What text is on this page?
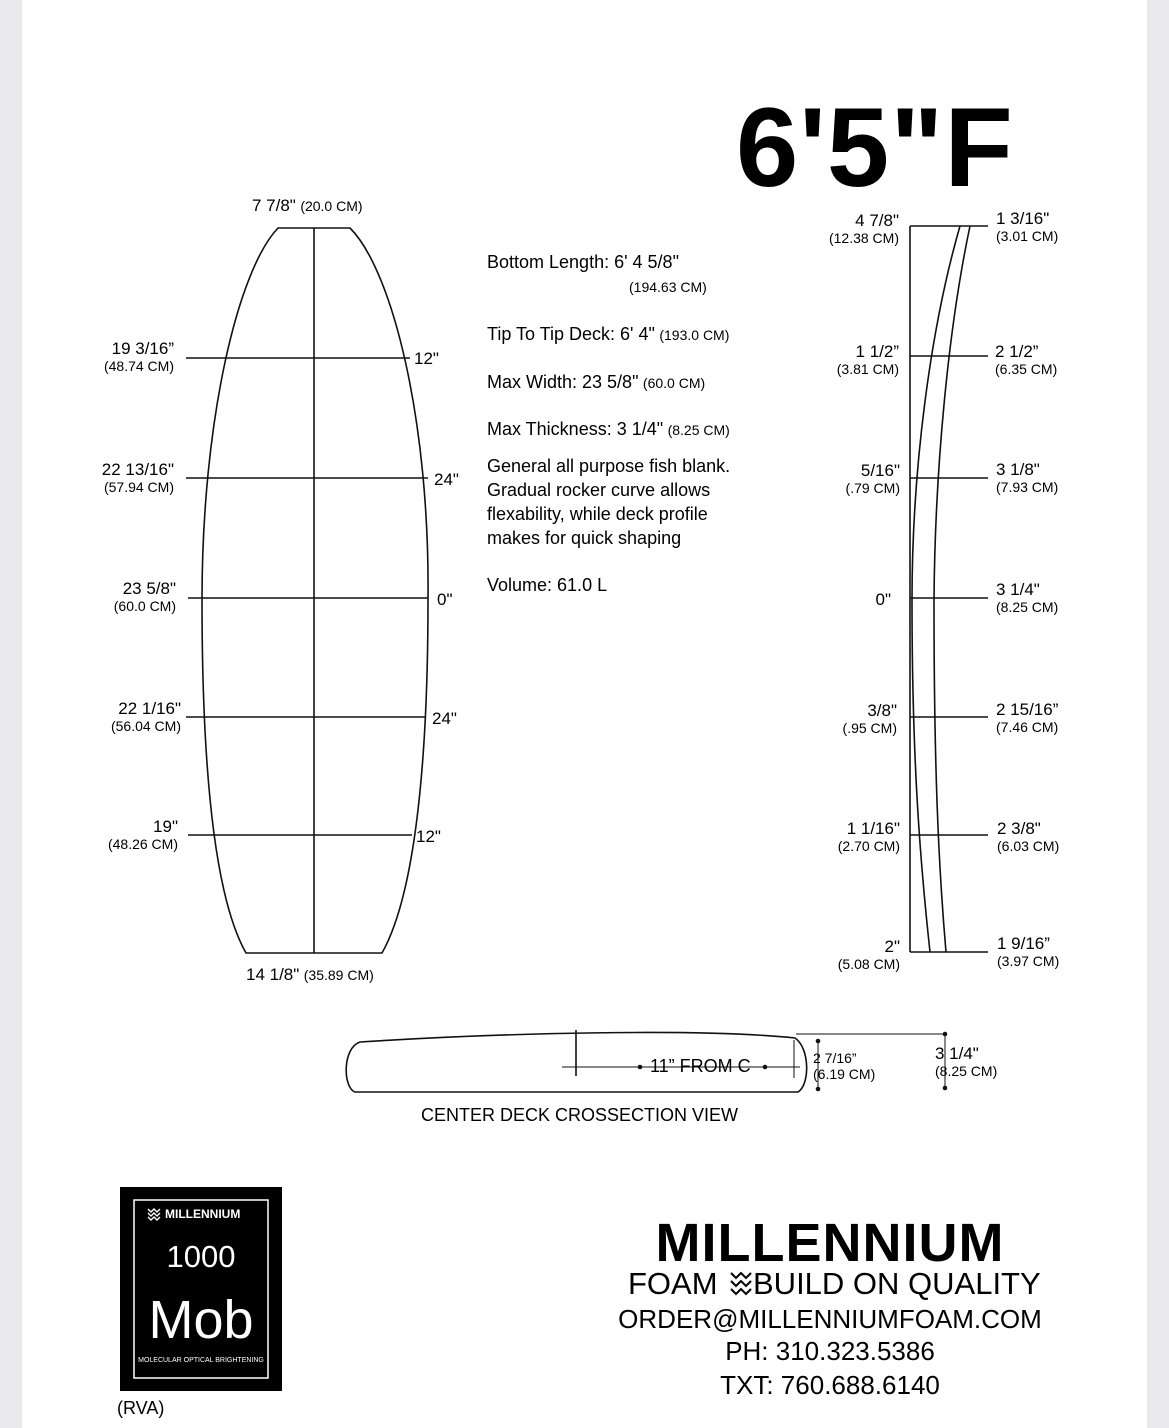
6'5"F
7 7/8" (20.0 CM)
14 1/8" (35.89 CM)
19 3/16”
(48.74 CM)
22 13/16"
(57.94 CM)
23 5/8"
(60.0 CM)
22 1/16"
(56.04 CM)
19"
(48.26 CM)
12"
24"
0"
24"
12"
Bottom Length: 6' 4 5/8"
(194.63 CM)
Tip To Tip Deck: 6' 4" (193.0 CM)
Max Width: 23 5/8" (60.0 CM)
Max Thickness: 3 1/4" (8.25 CM)
General all purpose fish blank.
Gradual rocker curve allows
flexability, while deck profile
makes for quick shaping
Volume: 61.0 L
4 7/8"
(12.38 CM)
1 1/2”
(3.81 CM)
5/16"
(.79 CM)
0"
3/8"
(.95 CM)
1 1/16"
(2.70 CM)
2"
(5.08 CM)
1 3/16"
(3.01 CM)
2 1/2”
(6.35 CM)
3 1/8"
(7.93 CM)
3 1/4"
(8.25 CM)
2 15/16”
(7.46 CM)
2 3/8"
(6.03 CM)
1 9/16”
(3.97 CM)
11” FROM C	2 7/16”
(6.19 CM)
3 1/4"
(8.25 CM)
CENTER DECK CROSSECTION VIEW
MILLENNIUM
1000
Mob
MOLECULAR OPTICAL BRIGHTENING
(RVA)
MILLENNIUM
FOAM BUILD ON QUALITY
ORDER@MILLENNIUMFOAM.COM
PH: 310.323.5386
TXT: 760.688.6140
